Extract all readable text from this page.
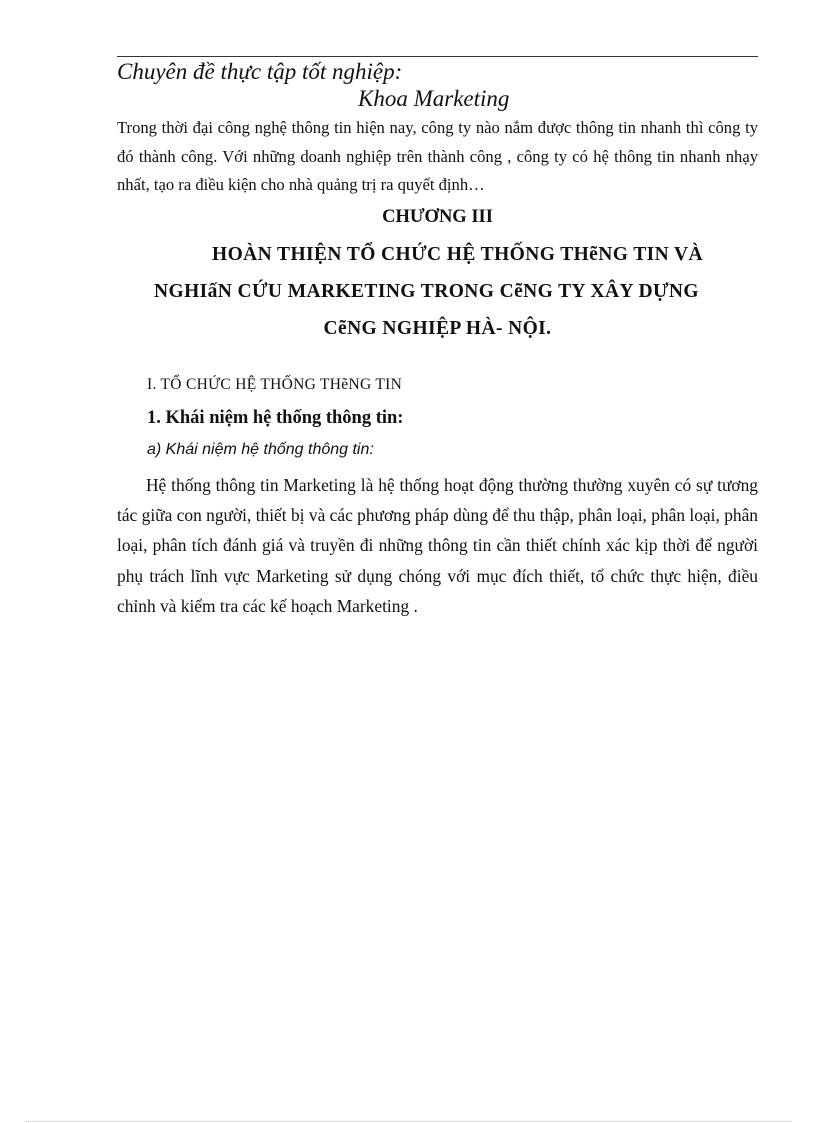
Chuyên đề thực tập tốt nghiệp:
Khoa Marketing

Trong thời đại công nghệ thông tin hiện nay, công ty nào nắm được thông tin nhanh thì công ty đó thành công. Với những doanh nghiệp trên thành công , công ty có hệ thông tin nhanh nhạy nhất, tạo ra điều kiện cho nhà quảng trị ra quyết định…

CHƯƠNG III
HOÀN THIỆN TỔ CHỨC HỆ THỐNG THẽNG TIN VÀ
NGHIấN CỨU MARKETING TRONG CẽNG TY XÂY DỰNG
CẽNG NGHIỆP HÀ- NỘI.
I. TỔ CHỨC HỆ THỐNG THẽNG TIN
1. Khái niệm hệ thống thông tin:
a) Khái niệm hệ thống thông tin:

Hệ thống thông tin Marketing là hệ thống hoạt động thường thường xuyên có sự tương tác giữa con người, thiết bị và các phương pháp dùng để thu thập, phân loại, phân loại, phân loại, phân tích đánh giá và truyền đi những thông tin cần thiết chính xác kịp thời để người phụ trách lĩnh vực Marketing sử dụng chóng với mục đích thiết, tổ chức thực hiện, điều chỉnh và kiểm tra các kế hoạch Marketing .
